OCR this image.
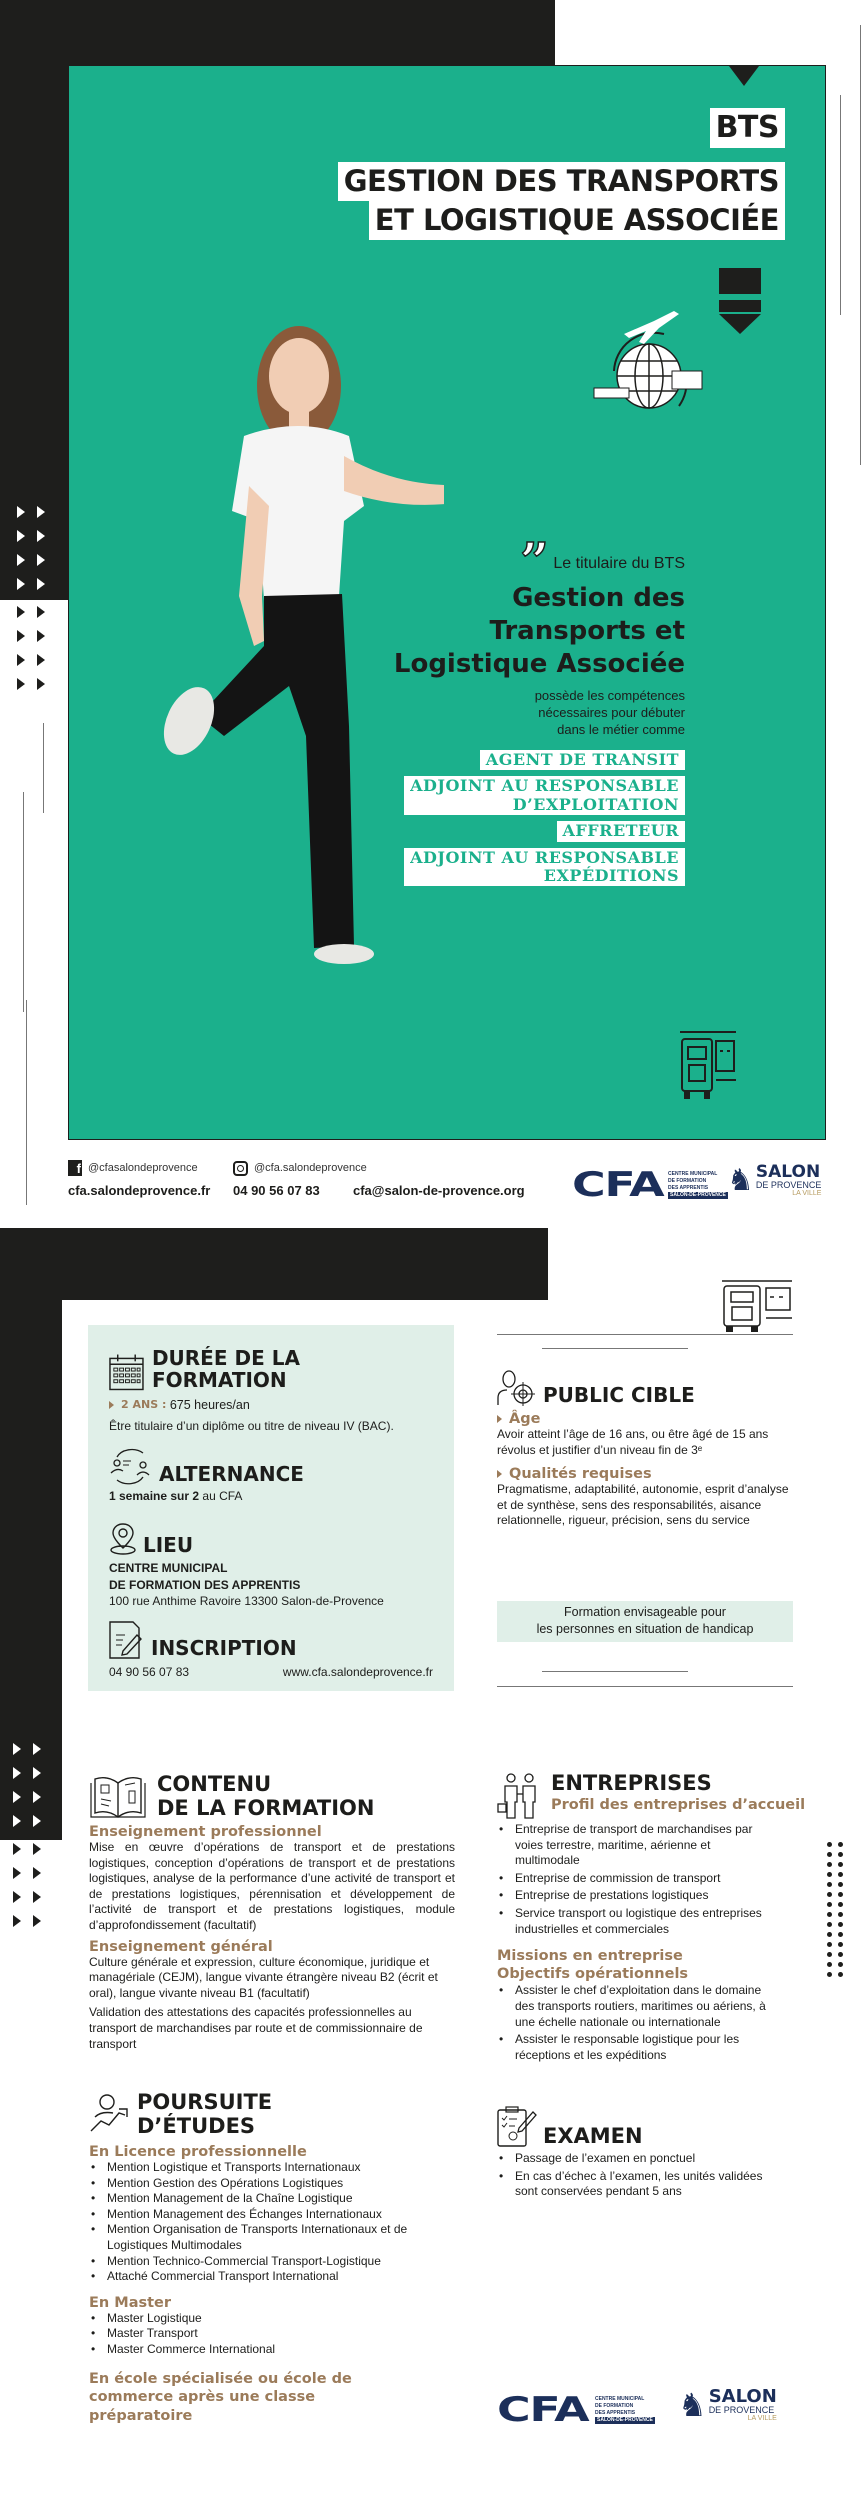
BTS
GESTION DES TRANSPORTS
ET LOGISTIQUE ASSOCIÉE
” Le titulaire du BTS
Gestion des
Transports et
Logistique Associée
possède les compétences
nécessaires pour débuter
dans le métier comme
AGENT DE TRANSIT
ADJOINT AU RESPONSABLE
D’EXPLOITATION
AFFRETEUR
ADJOINT AU RESPONSABLE
EXPÉDITIONS
f @cfasalondeprovence	@cfa.salondeprovence
cfa.salondeprovence.fr	04 90 56 07 83	cfa@salon-de-provence.org CFA CENTRE MUNICIPAL
DE FORMATION
DES APPRENTIS
SALON-DE-PROVENCE ♞ SALON
DE PROVENCE
LA VILLE
DURÉE DE LA FORMATION
2 ANS :
675 heures/an
Être titulaire d’un diplôme ou titre de niveau IV (BAC).
ALTERNANCE
1 semaine sur 2 au CFA
LIEU
CENTRE MUNICIPAL
DE FORMATION DES APPRENTIS
100 rue Anthime Ravoire 13300 Salon-de-Provence
INSCRIPTION
04 90 56 07 83	www.cfa.salondeprovence.fr
PUBLIC CIBLE
Âge
Avoir atteint l’âge de 16 ans, ou être âgé de 15 ans révolus et justifier d’un niveau fin de 3ᵉ
Qualités requises
Pragmatisme, adaptabilité, autonomie, esprit d’analyse et de synthèse, sens des responsabilités, aisance relationnelle, rigueur, précision, sens du service
Formation envisageable pour
les personnes en situation de handicap
CONTENU
DE LA FORMATION
Enseignement professionnel
Mise en œuvre d’opérations de transport et de prestations logistiques, conception d’opérations de transport et de prestations logistiques, analyse de la performance d’une activité de transport et de prestations logistiques, pérennisation et développement de l’activité de transport et de prestations logistiques, module d’approfondissement (facultatif)
Enseignement général
Culture générale et expression, culture économique, juridique et managériale (CEJM), langue vivante étrangère niveau B2 (écrit et oral), langue vivante niveau B1 (facultatif)
Validation des attestations des capacités professionnelles au transport de marchandises par route et de commissionnaire de transport
POURSUITE
D’ÉTUDES
En Licence professionnelle
• Mention Logistique et Transports Internationaux
• Mention Gestion des Opérations Logistiques
• Mention Management de la Chaîne Logistique
• Mention Management des Échanges Internationaux
• Mention Organisation de Transports Internationaux et de Logistiques Multimodales
• Mention Technico-Commercial Transport-Logistique
• Attaché Commercial Transport International
En Master
• Master Logistique
• Master Transport
• Master Commerce International
En école spécialisée ou école de commerce après une classe préparatoire
ENTREPRISES
Profil des entreprises d’accueil
• Entreprise de transport de marchandises par voies terrestre, maritime, aérienne et multimodale
• Entreprise de commission de transport
• Entreprise de prestations logistiques
• Service transport ou logistique des entreprises industrielles et commerciales
Missions en entreprise
Objectifs opérationnels
• Assister le chef d’exploitation dans le domaine des transports routiers, maritimes ou aériens, à une échelle nationale ou internationale
• Assister le responsable logistique pour les réceptions et les expéditions
EXAMEN
• Passage de l’examen en ponctuel
• En cas d’échec à l’examen, les unités validées sont conservées pendant 5 ans
CFA	CENTRE MUNICIPAL
DE FORMATION
DES APPRENTIS
SALON-DE-PROVENCE ♞ SALON
DE PROVENCE
LA VILLE
